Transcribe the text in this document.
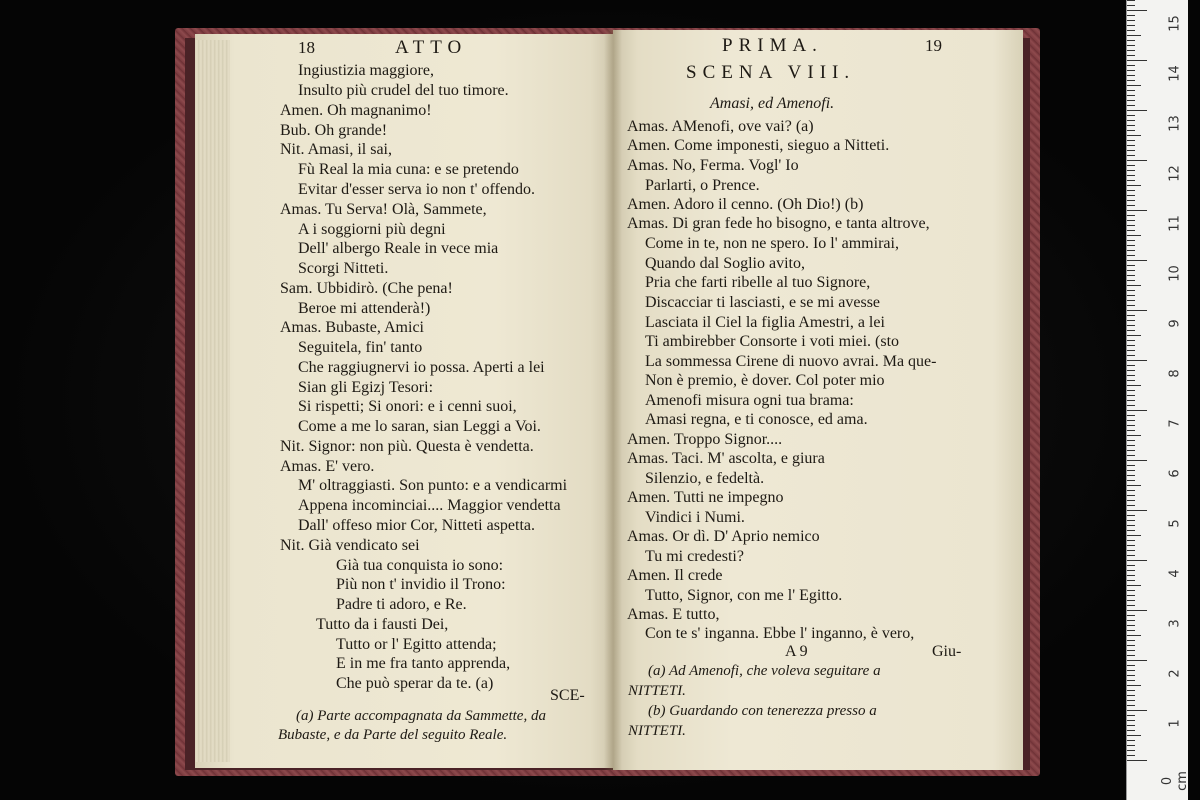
18	ATTO
Ingiustizia maggiore,
Insulto più crudel del tuo timore.
Amen. Oh magnanimo!
Bub. Oh grande!
Nit. Amasi, il sai,
Fù Real la mia cuna: e se pretendo
Evitar d'esser serva io non t' offendo.
Amas. Tu Serva! Olà, Sammete,
A i soggiorni più degni
Dell' albergo Reale in vece mia
Scorgi Nitteti.
Sam. Ubbidirò. (Che pena!
Beroe mi attenderà!)
Amas. Bubaste, Amici
Seguitela, fin' tanto
Che raggiugnervi io possa. Aperti a lei
Sian gli Egizj Tesori:
Si rispetti; Si onori: e i cenni suoi,
Come a me lo saran, sian Leggi a Voi.
Nit. Signor: non più. Questa è vendetta.
Amas. E' vero.
M' oltraggiasti. Son punto: e a vendicarmi
Appena incominciai.... Maggior vendetta
Dall' offeso mior Cor, Nitteti aspetta.
Nit. Già vendicato sei
Già tua conquista io sono:
Più non t' invidio il Trono:
Padre ti adoro, e Re.
Tutto da i fausti Dei,
Tutto or l' Egitto attenda;
E in me fra tanto apprenda,
Che può sperar da te. (a)
SCE-
(a) Parte accompagnata da Sammette, da
Bubaste, e da Parte del seguito Reale.
PRIMA.	19
SCENA VIII.
Amasi, ed Amenofi.
Amas. AMenofi, ove vai? (a)
Amen. Come imponesti, sieguo a Nitteti.
Amas. No, Ferma. Vogl' Io
Parlarti, o Prence.
Amen. Adoro il cenno. (Oh Dio!) (b)
Amas. Di gran fede ho bisogno, e tanta altrove,
Come in te, non ne spero. Io l' ammirai,
Quando dal Soglio avito,
Pria che farti ribelle al tuo Signore,
Discacciar ti lasciasti, e se mi avesse
Lasciata il Ciel la figlia Amestri, a lei
Ti ambirebber Consorte i voti miei. (sto
La sommessa Cirene di nuovo avrai. Ma que-
Non è premio, è dover. Col poter mio
Amenofi misura ogni tua brama:
Amasi regna, e ti conosce, ed ama.
Amen. Troppo Signor....
Amas. Taci. M' ascolta, e giura
Silenzio, e fedeltà.
Amen. Tutti ne impegno
Vindici i Numi.
Amas. Or dì. D' Aprio nemico
Tu mi credesti?
Amen. Il crede
Tutto, Signor, con me l' Egitto.
Amas. E tutto,
Con te s' inganna. Ebbe l' inganno, è vero,
A 9	Giu-
(a) Ad Amenofi, che voleva seguitare a
NITTETI.
(b) Guardando con tenerezza presso a
NITTETI.
15
14
13
12
11
10
9
8
7
6
5
4
3
2
1
0 cm
